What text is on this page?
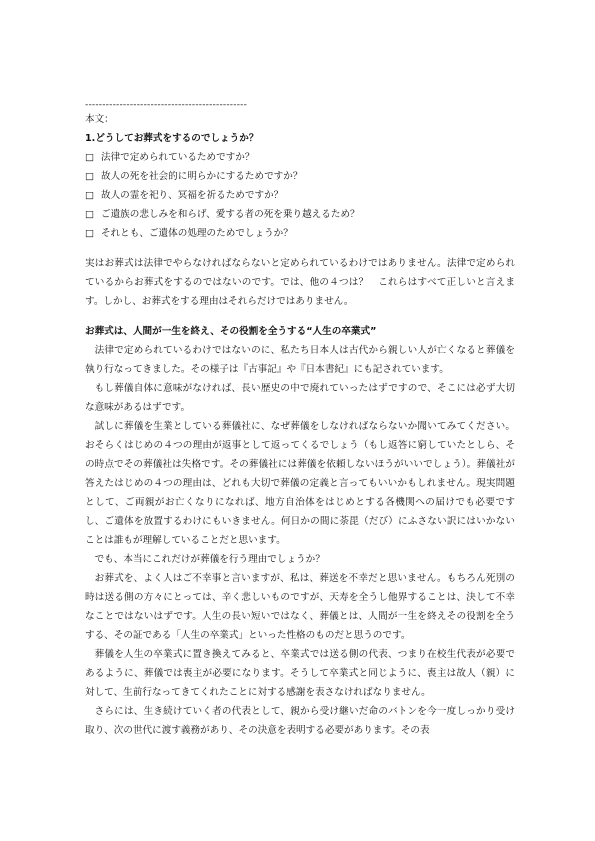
-----------------------------------------------
本文：
1.どうしてお葬式をするのでしょうか？
□ 法律で定められているためですか？
□ 故人の死を社会的に明らかにするためですか？
□ 故人の霊を祀り、冥福を祈るためですか？
□ ご遺族の悲しみを和らげ、愛する者の死を乗り越えるため？
□ それとも、ご遺体の処理のためでしょうか？

実はお葬式は法律でやらなければならないと定められているわけではありません。法律で定められているからお葬式をするのではないのです。では、他の４つは？　これらはすべて正しいと言えます。しかし、お葬式をする理由はそれらだけではありません。

お葬式は、人間が一生を終え、その役割を全うする“人生の卒業式”

法律で定められているわけではないのに、私たち日本人は古代から親しい人が亡くなると葬儀を執り行なってきました。その様子は『古事記』や『日本書紀』にも記されています。

もし葬儀自体に意味がなければ、長い歴史の中で廃れていったはずですので、そこには必ず大切な意味があるはずです。

試しに葬儀を生業としている葬儀社に、なぜ葬儀をしなければならないか聞いてみてください。おそらくはじめの４つの理由が返事として返ってくるでしょう（もし返答に窮していたとしら、その時点でその葬儀社は失格です。その葬儀社には葬儀を依頼しないほうがいいでしょう）。葬儀社が答えたはじめの４つの理由は、どれも大切で葬儀の定義と言ってもいいかもしれません。現実問題として、ご両親がお亡くなりになれば、地方自治体をはじめとする各機関への届けでも必要ですし、ご遺体を放置するわけにもいきません。何日かの間に荼毘（だび）にふさない訳にはいかないことは誰もが理解していることだと思います。

でも、本当にこれだけが葬儀を行う理由でしょうか？

お葬式を、よく人はご不幸事と言いますが、私は、葬送を不幸だと思いません。もちろん死別の時は送る側の方々にとっては、辛く悲しいものですが、天寿を全うし他界することは、決して不幸なことではないはずです。人生の長い短いではなく、葬儀とは、人間が一生を終えその役割を全うする、その証である「人生の卒業式」といった性格のものだと思うのです。

葬儀を人生の卒業式に置き換えてみると、卒業式では送る側の代表、つまり在校生代表が必要であるように、葬儀では喪主が必要になります。そうして卒業式と同じように、喪主は故人（親）に対して、生前行なってきてくれたことに対する感謝を表さなければなりません。

さらには、生き続けていく者の代表として、親から受け継いだ命のバトンを今一度しっかり受け取り、次の世代に渡す義務があり、その決意を表明する必要があります。その表
